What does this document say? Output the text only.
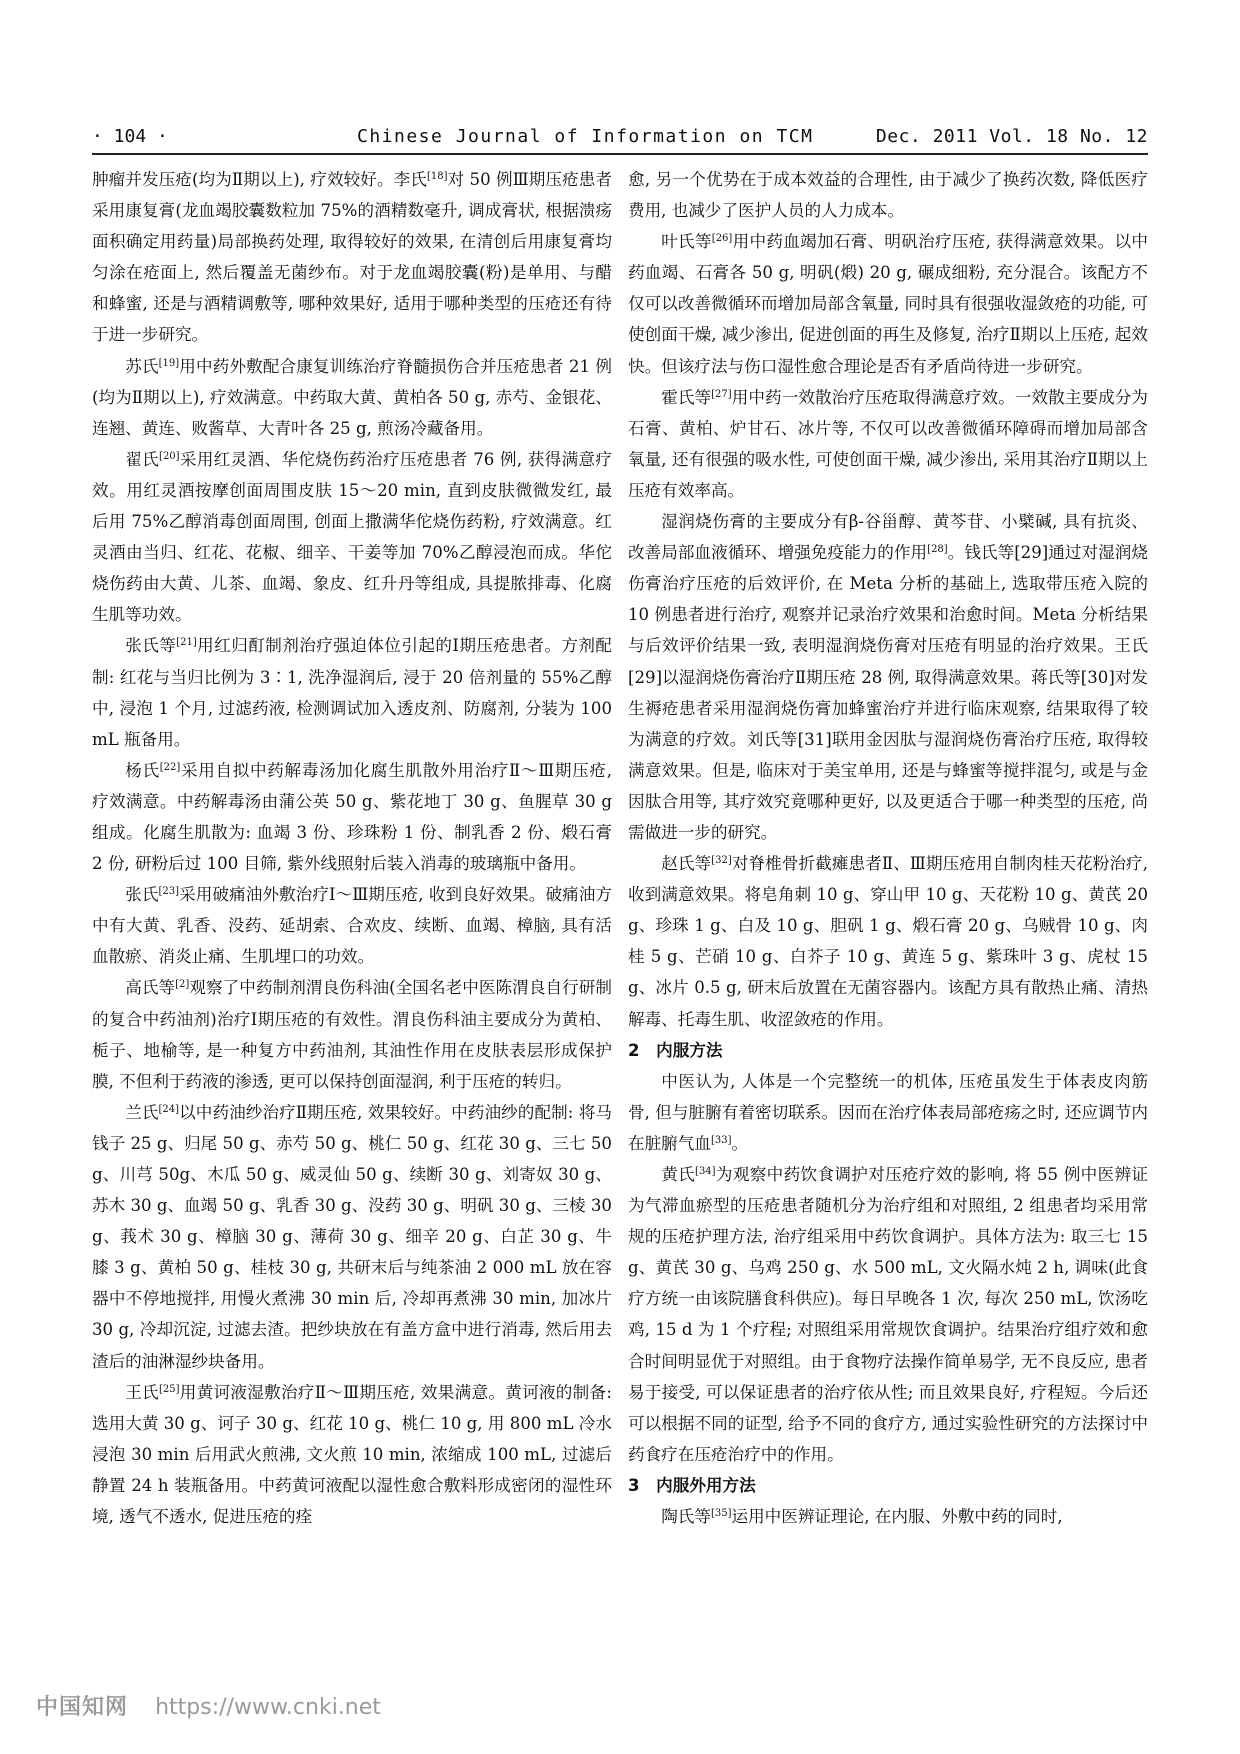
· 104 ·	Chinese Journal of Information on TCM	Dec. 2011 Vol. 18 No. 12

肿瘤并发压疮(均为Ⅱ期以上), 疗效较好。李氏[18]对 50 例Ⅲ期压疮患者采用康复膏(龙血竭胶囊数粒加 75%的酒精数毫升, 调成膏状, 根据溃疡面积确定用药量)局部换药处理, 取得较好的效果, 在清创后用康复膏均匀涂在疮面上, 然后覆盖无菌纱布。对于龙血竭胶囊(粉)是单用、与醋和蜂蜜, 还是与酒精调敷等, 哪种效果好, 适用于哪种类型的压疮还有待于进一步研究。

苏氏[19]用中药外敷配合康复训练治疗脊髓损伤合并压疮患者 21 例(均为Ⅱ期以上), 疗效满意。中药取大黄、黄柏各 50 g, 赤芍、金银花、连翘、黄连、败酱草、大青叶各 25 g, 煎汤冷藏备用。

翟氏[20]采用红灵酒、华佗烧伤药治疗压疮患者 76 例, 获得满意疗效。用红灵酒按摩创面周围皮肤 15～20 min, 直到皮肤微微发红, 最后用 75%乙醇消毒创面周围, 创面上撒满华佗烧伤药粉, 疗效满意。红灵酒由当归、红花、花椒、细辛、干姜等加 70%乙醇浸泡而成。华佗烧伤药由大黄、儿茶、血竭、象皮、红升丹等组成, 具提脓排毒、化腐生肌等功效。

张氏等[21]用红归酊制剂治疗强迫体位引起的Ⅰ期压疮患者。方剂配制: 红花与当归比例为 3∶1, 洗净湿润后, 浸于 20 倍剂量的 55%乙醇中, 浸泡 1 个月, 过滤药液, 检测调试加入透皮剂、防腐剂, 分装为 100 mL 瓶备用。

杨氏[22]采用自拟中药解毒汤加化腐生肌散外用治疗Ⅱ～Ⅲ期压疮, 疗效满意。中药解毒汤由蒲公英 50 g、紫花地丁 30 g、鱼腥草 30 g 组成。化腐生肌散为: 血竭 3 份、珍珠粉 1 份、制乳香 2 份、煅石膏 2 份, 研粉后过 100 目筛, 紫外线照射后装入消毒的玻璃瓶中备用。

张氏[23]采用破痛油外敷治疗Ⅰ～Ⅲ期压疮, 收到良好效果。破痛油方中有大黄、乳香、没药、延胡索、合欢皮、续断、血竭、樟脑, 具有活血散瘀、消炎止痛、生肌埋口的功效。

高氏等[2]观察了中药制剂渭良伤科油(全国名老中医陈渭良自行研制的复合中药油剂)治疗Ⅰ期压疮的有效性。渭良伤科油主要成分为黄柏、栀子、地榆等, 是一种复方中药油剂, 其油性作用在皮肤表层形成保护膜, 不但利于药液的渗透, 更可以保持创面湿润, 利于压疮的转归。

兰氏[24]以中药油纱治疗Ⅱ期压疮, 效果较好。中药油纱的配制: 将马钱子 25 g、归尾 50 g、赤芍 50 g、桃仁 50 g、红花 30 g、三七 50 g、川芎 50g、木瓜 50 g、威灵仙 50 g、续断 30 g、刘寄奴 30 g、苏木 30 g、血竭 50 g、乳香 30 g、没药 30 g、明矾 30 g、三棱 30 g、莪术 30 g、樟脑 30 g、薄荷 30 g、细辛 20 g、白芷 30 g、牛膝 3 g、黄柏 50 g、桂枝 30 g, 共研末后与纯茶油 2 000 mL 放在容器中不停地搅拌, 用慢火煮沸 30 min 后, 冷却再煮沸 30 min, 加冰片 30 g, 冷却沉淀, 过滤去渣。把纱块放在有盖方盒中进行消毒, 然后用去渣后的油淋湿纱块备用。

王氏[25]用黄诃液湿敷治疗Ⅱ～Ⅲ期压疮, 效果满意。黄诃液的制备: 选用大黄 30 g、诃子 30 g、红花 10 g、桃仁 10 g, 用 800 mL 冷水浸泡 30 min 后用武火煎沸, 文火煎 10 min, 浓缩成 100 mL, 过滤后静置 24 h 装瓶备用。中药黄诃液配以湿性愈合敷料形成密闭的湿性环境, 透气不透水, 促进压疮的痊

愈, 另一个优势在于成本效益的合理性, 由于减少了换药次数, 降低医疗费用, 也减少了医护人员的人力成本。

叶氏等[26]用中药血竭加石膏、明矾治疗压疮, 获得满意效果。以中药血竭、石膏各 50 g, 明矾(煅) 20 g, 碾成细粉, 充分混合。该配方不仅可以改善微循环而增加局部含氧量, 同时具有很强收湿敛疮的功能, 可使创面干燥, 减少渗出, 促进创面的再生及修复, 治疗Ⅱ期以上压疮, 起效快。但该疗法与伤口湿性愈合理论是否有矛盾尚待进一步研究。

霍氏等[27]用中药一效散治疗压疮取得满意疗效。一效散主要成分为石膏、黄柏、炉甘石、冰片等, 不仅可以改善微循环障碍而增加局部含氧量, 还有很强的吸水性, 可使创面干燥, 减少渗出, 采用其治疗Ⅱ期以上压疮有效率高。

湿润烧伤膏的主要成分有β-谷甾醇、黄芩苷、小檗碱, 具有抗炎、改善局部血液循环、增强免疫能力的作用[28]。钱氏等[29]通过对湿润烧伤膏治疗压疮的后效评价, 在 Meta 分析的基础上, 选取带压疮入院的 10 例患者进行治疗, 观察并记录治疗效果和治愈时间。Meta 分析结果与后效评价结果一致, 表明湿润烧伤膏对压疮有明显的治疗效果。王氏[29]以湿润烧伤膏治疗Ⅱ期压疮 28 例, 取得满意效果。蒋氏等[30]对发生褥疮患者采用湿润烧伤膏加蜂蜜治疗并进行临床观察, 结果取得了较为满意的疗效。刘氏等[31]联用金因肽与湿润烧伤膏治疗压疮, 取得较满意效果。但是, 临床对于美宝单用, 还是与蜂蜜等搅拌混匀, 或是与金因肽合用等, 其疗效究竟哪种更好, 以及更适合于哪一种类型的压疮, 尚需做进一步的研究。

赵氏等[32]对脊椎骨折截瘫患者Ⅱ、Ⅲ期压疮用自制肉桂天花粉治疗, 收到满意效果。将皂角刺 10 g、穿山甲 10 g、天花粉 10 g、黄芪 20 g、珍珠 1 g、白及 10 g、胆矾 1 g、煅石膏 20 g、乌贼骨 10 g、肉桂 5 g、芒硝 10 g、白芥子 10 g、黄连 5 g、紫珠叶 3 g、虎杖 15 g、冰片 0.5 g, 研末后放置在无菌容器内。该配方具有散热止痛、清热解毒、托毒生肌、收涩敛疮的作用。

2　内服方法

中医认为, 人体是一个完整统一的机体, 压疮虽发生于体表皮肉筋骨, 但与脏腑有着密切联系。因而在治疗体表局部疮疡之时, 还应调节内在脏腑气血[33]。

黄氏[34]为观察中药饮食调护对压疮疗效的影响, 将 55 例中医辨证为气滞血瘀型的压疮患者随机分为治疗组和对照组, 2 组患者均采用常规的压疮护理方法, 治疗组采用中药饮食调护。具体方法为: 取三七 15 g、黄芪 30 g、乌鸡 250 g、水 500 mL, 文火隔水炖 2 h, 调味(此食疗方统一由该院膳食科供应)。每日早晚各 1 次, 每次 250 mL, 饮汤吃鸡, 15 d 为 1 个疗程; 对照组采用常规饮食调护。结果治疗组疗效和愈合时间明显优于对照组。由于食物疗法操作简单易学, 无不良反应, 患者易于接受, 可以保证患者的治疗依从性; 而且效果良好, 疗程短。今后还可以根据不同的证型, 给予不同的食疗方, 通过实验性研究的方法探讨中药食疗在压疮治疗中的作用。

3　内服外用方法

陶氏等[35]运用中医辨证理论, 在内服、外敷中药的同时,

中国知网 https://www.cnki.net
